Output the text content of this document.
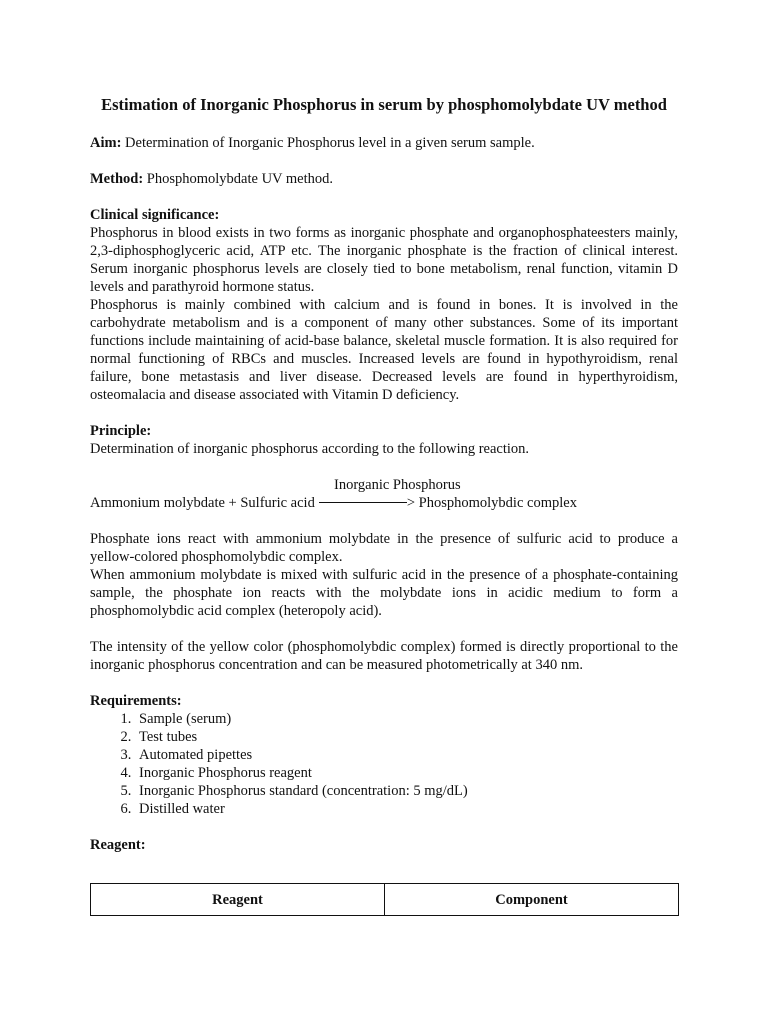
Estimation of Inorganic Phosphorus in serum by phosphomolybdate UV method

Aim: Determination of Inorganic Phosphorus level in a given serum sample.

Method: Phosphomolybdate UV method.

Clinical significance:

Phosphorus in blood exists in two forms as inorganic phosphate and organophosphateesters mainly, 2,3-diphosphoglyceric acid, ATP etc. The inorganic phosphate is the fraction of clinical interest. Serum inorganic phosphorus levels are closely tied to bone metabolism, renal function, vitamin D levels and parathyroid hormone status.

Phosphorus is mainly combined with calcium and is found in bones. It is involved in the carbohydrate metabolism and is a component of many other substances. Some of its important functions include maintaining of acid-base balance, skeletal muscle formation. It is also required for normal functioning of RBCs and muscles. Increased levels are found in hypothyroidism, renal failure, bone metastasis and liver disease. Decreased levels are found in hyperthyroidism, osteomalacia and disease associated with Vitamin D deficiency.

Principle:

Determination of inorganic phosphorus according to the following reaction.

Inorganic Phosphorus

Ammonium molybdate + Sulfuric acid	> Phosphomolybdic complex

Phosphate ions react with ammonium molybdate in the presence of sulfuric acid to produce a yellow-colored phosphomolybdic complex.

When ammonium molybdate is mixed with sulfuric acid in the presence of a phosphate-containing sample, the phosphate ion reacts with the molybdate ions in acidic medium to form a phosphomolybdic acid complex (heteropoly acid).

The intensity of the yellow color (phosphomolybdic complex) formed is directly proportional to the inorganic phosphorus concentration and can be measured photometrically at 340 nm.

Requirements:

1. Sample (serum)
2. Test tubes
3. Automated pipettes
4. Inorganic Phosphorus reagent
5. Inorganic Phosphorus standard (concentration: 5 mg/dL)
6. Distilled water

Reagent:

Reagent	Component
